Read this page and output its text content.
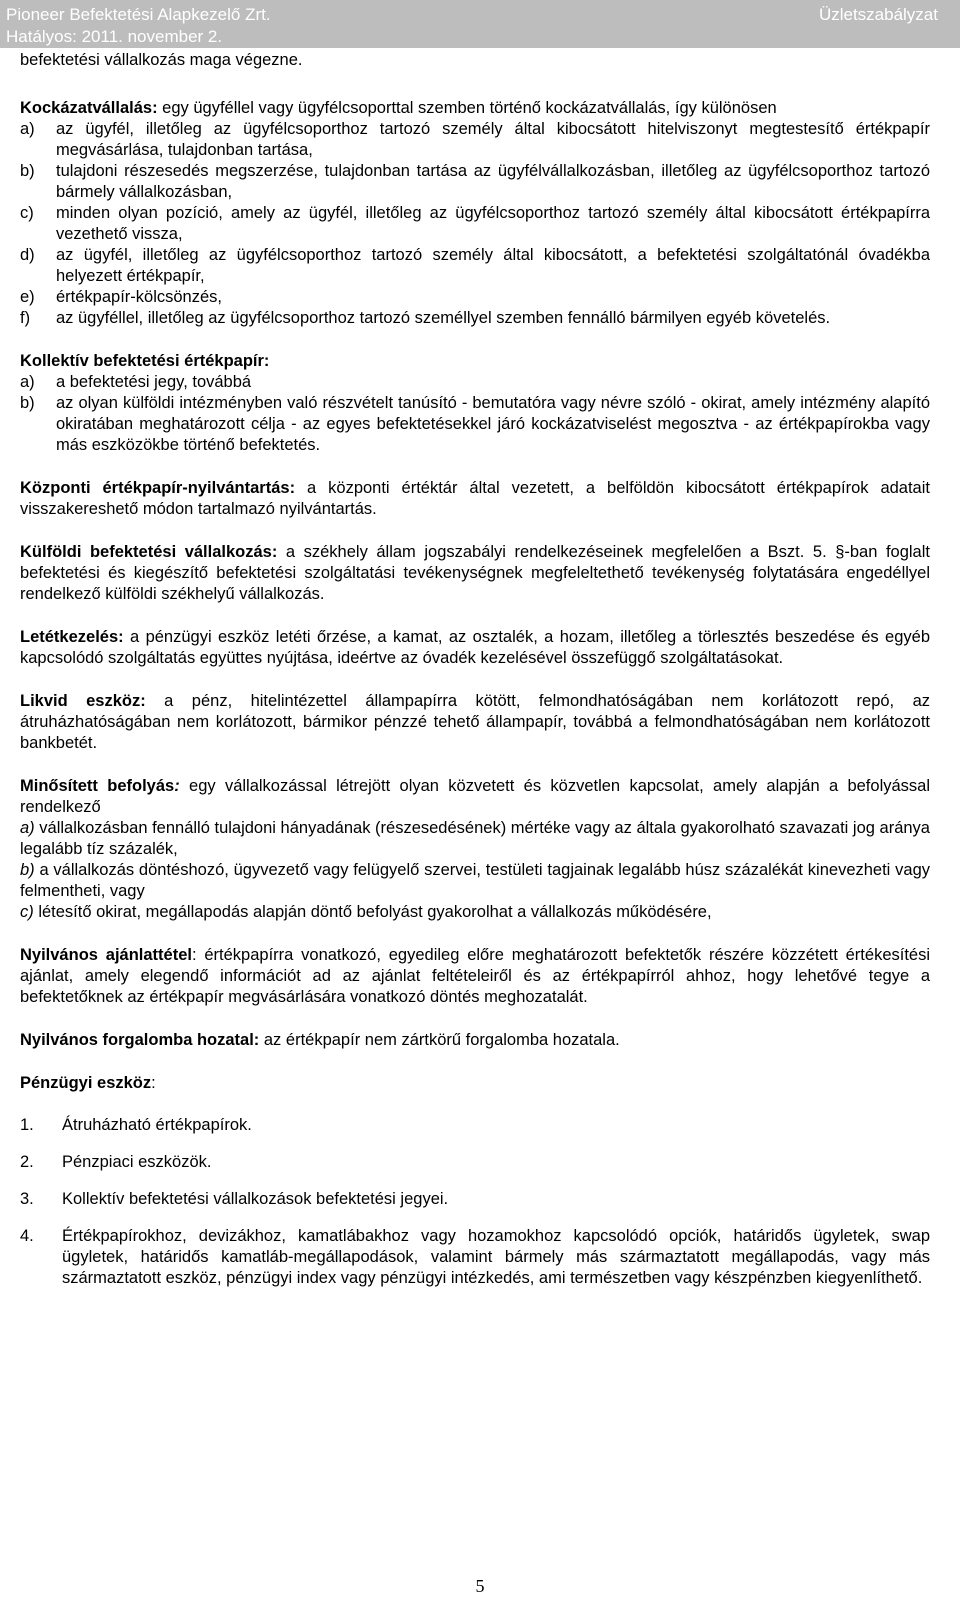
Pioneer Befektetési Alapkezelő Zrt.
Hatályos: 2011. november 2.
Üzletszabályzat

befektetési vállalkozás maga végezne.

Kockázatvállalás: egy ügyféllel vagy ügyfélcsoporttal szemben történő kockázatvállalás, így különösen

a)	az ügyfél, illetőleg az ügyfélcsoporthoz tartozó személy által kibocsátott hitelviszonyt megtestesítő értékpapír megvásárlása, tulajdonban tartása,
b)	tulajdoni részesedés megszerzése, tulajdonban tartása az ügyfélvállalkozásban, illetőleg az ügyfélcsoporthoz tartozó bármely vállalkozásban,
c)	minden olyan pozíció, amely az ügyfél, illetőleg az ügyfélcsoporthoz tartozó személy által kibocsátott értékpapírra vezethető vissza,
d)	az ügyfél, illetőleg az ügyfélcsoporthoz tartozó személy által kibocsátott, a befektetési szolgáltatónál óvadékba helyezett értékpapír,
e)	értékpapír-kölcsönzés,
f)	az ügyféllel, illetőleg az ügyfélcsoporthoz tartozó személlyel szemben fennálló bármilyen egyéb követelés.

Kollektív befektetési értékpapír:

a)	a befektetési jegy, továbbá
b)	az olyan külföldi intézményben való részvételt tanúsító - bemutatóra vagy névre szóló - okirat, amely intézmény alapító okiratában meghatározott célja - az egyes befektetésekkel járó kockázatviselést megosztva - az értékpapírokba vagy más eszközökbe történő befektetés.

Központi értékpapír-nyilvántartás: a központi értéktár által vezetett, a belföldön kibocsátott értékpapírok adatait visszakereshető módon tartalmazó nyilvántartás.

Külföldi befektetési vállalkozás: a székhely állam jogszabályi rendelkezéseinek megfelelően a Bszt. 5. §-ban foglalt befektetési és kiegészítő befektetési szolgáltatási tevékenységnek megfeleltethető tevékenység folytatására engedéllyel rendelkező külföldi székhelyű vállalkozás.

Letétkezelés: a pénzügyi eszköz letéti őrzése, a kamat, az osztalék, a hozam, illetőleg a törlesztés beszedése és egyéb kapcsolódó szolgáltatás együttes nyújtása, ideértve az óvadék kezelésével összefüggő szolgáltatásokat.

Likvid eszköz: a pénz, hitelintézettel állampapírra kötött, felmondhatóságában nem korlátozott repó, az átruházhatóságában nem korlátozott, bármikor pénzzé tehető állampapír, továbbá a felmondhatóságában nem korlátozott bankbetét.

Minősített befolyás: egy vállalkozással létrejött olyan közvetett és közvetlen kapcsolat, amely alapján a befolyással rendelkező

a) vállalkozásban fennálló tulajdoni hányadának (részesedésének) mértéke vagy az általa gyakorolható szavazati jog aránya legalább tíz százalék,

b) a vállalkozás döntéshozó, ügyvezető vagy felügyelő szervei, testületi tagjainak legalább húsz százalékát kinevezheti vagy felmentheti, vagy

c) létesítő okirat, megállapodás alapján döntő befolyást gyakorolhat a vállalkozás működésére,

Nyilvános ajánlattétel: értékpapírra vonatkozó, egyedileg előre meghatározott befektetők részére közzétett értékesítési ajánlat, amely elegendő információt ad az ajánlat feltételeiről és az értékpapírról ahhoz, hogy lehetővé tegye a befektetőknek az értékpapír megvásárlására vonatkozó döntés meghozatalát.

Nyilvános forgalomba hozatal: az értékpapír nem zártkörű forgalomba hozatala.

Pénzügyi eszköz:

1.	Átruházható értékpapírok.
2.	Pénzpiaci eszközök.
3.	Kollektív befektetési vállalkozások befektetési jegyei.
4.	Értékpapírokhoz, devizákhoz, kamatlábakhoz vagy hozamokhoz kapcsolódó opciók, határidős ügyletek, swap ügyletek, határidős kamatláb-megállapodások, valamint bármely más származtatott megállapodás, vagy más származtatott eszköz, pénzügyi index vagy pénzügyi intézkedés, ami természetben vagy készpénzben kiegyenlíthető.
5
